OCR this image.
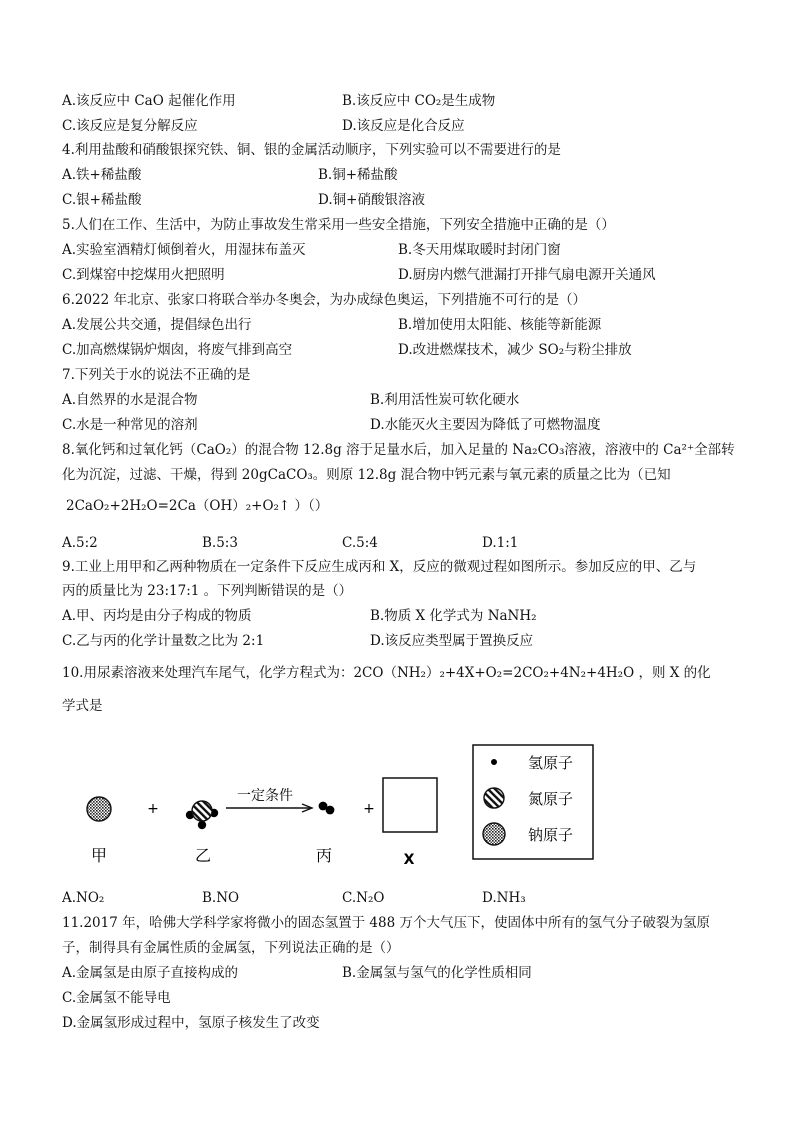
A.该反应中 CaO 起催化作用	B.该反应中 CO₂是生成物
C.该反应是复分解反应	D.该反应是化合反应
4.利用盐酸和硝酸银探究铁、铜、银的金属活动顺序，下列实验可以不需要进行的是
A.铁+稀盐酸	B.铜+稀盐酸
C.银+稀盐酸	D.铜+硝酸银溶液
5.人们在工作、生活中，为防止事故发生常采用一些安全措施，下列安全措施中正确的是（）
A.实验室酒精灯倾倒着火，用湿抹布盖灭	B.冬天用煤取暖时封闭门窗
C.到煤窑中挖煤用火把照明	D.厨房内燃气泄漏打开排气扇电源开关通风
6.2022 年北京、张家口将联合举办冬奥会，为办成绿色奥运，下列措施不可行的是（）
A.发展公共交通，提倡绿色出行	B.增加使用太阳能、核能等新能源
C.加高燃煤锅炉烟囱，将废气排到高空	D.改进燃煤技术，减少 SO₂与粉尘排放
7.下列关于水的说法不正确的是
A.自然界的水是混合物	B.利用活性炭可软化硬水
C.水是一种常见的溶剂	D.水能灭火主要因为降低了可燃物温度
8.氧化钙和过氧化钙（CaO₂）的混合物 12.8g 溶于足量水后，加入足量的 Na₂CO₃溶液，溶液中的 Ca²⁺全部转
化为沉淀，过滤、干燥，得到 20gCaCO₃。则原 12.8g 混合物中钙元素与氧元素的质量之比为（已知
2CaO₂+2H₂O=2Ca（OH）₂+O₂↑ ）（）
A.5:2	B.5:3	C.5:4	D.1:1
9.工业上用甲和乙两种物质在一定条件下反应生成丙和 X，反应的微观过程如图所示。参加反应的甲、乙与
丙的质量比为 23:17:1 。下列判断错误的是（）
A.甲、丙均是由分子构成的物质	B.物质 X 化学式为 NaNH₂
C.乙与丙的化学计量数之比为 2:1	D.该反应类型属于置换反应
10.用尿素溶液来处理汽车尾气，化学方程式为：2CO（NH₂）₂+4X+O₂=2CO₂+4N₂+4H₂O ，则 X 的化
学式是
+
一定条件
+
甲	乙	丙	X
氢原子
氮原子
钠原子
A.NO₂	B.NO	C.N₂O	D.NH₃
11.2017 年，哈佛大学科学家将微小的固态氢置于 488 万个大气压下，使固体中所有的氢气分子破裂为氢原
子，制得具有金属性质的金属氢，下列说法正确的是（）
A.金属氢是由原子直接构成的	B.金属氢与氢气的化学性质相同
C.金属氢不能导电
D.金属氢形成过程中，氢原子核发生了改变
